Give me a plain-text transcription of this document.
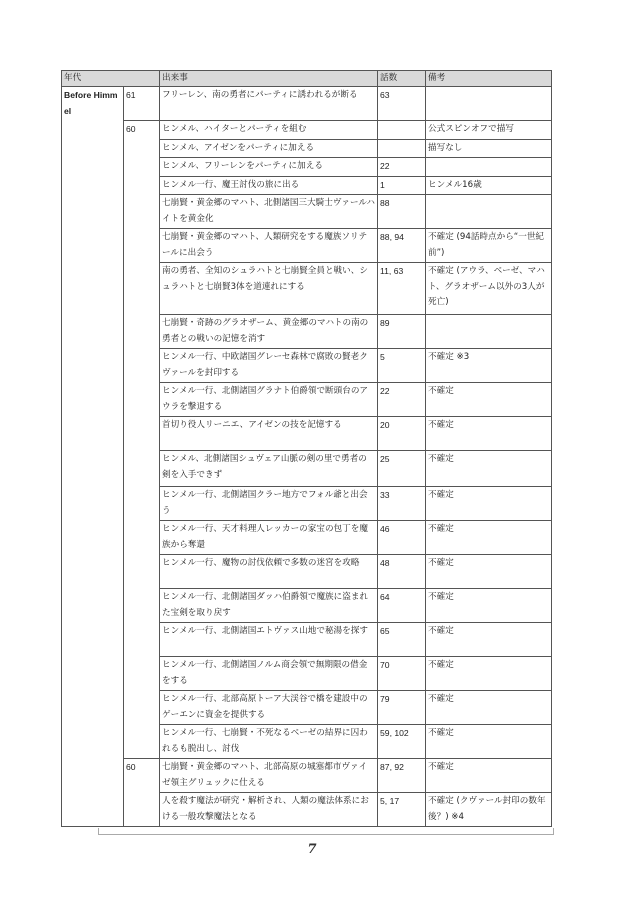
年代		出来事	話数	備考
Before Himmel	61	フリーレン、南の勇者にパーティに誘われるが断る	63	
	60	ヒンメル、ハイターとパーティを組む		公式スピンオフで描写
		ヒンメル、アイゼンをパーティに加える		描写なし
		ヒンメル、フリーレンをパーティに加える	22	
		ヒンメル一行、魔王討伐の旅に出る	1	ヒンメル16歳
		七崩賢・黄金郷のマハト、北側諸国三大騎士ヴァールハイトを黄金化	88	
		七崩賢・黄金郷のマハト、人類研究をする魔族ソリテールに出会う	88, 94	不確定 (94話時点から“一世紀前”)
		南の勇者、全知のシュラハトと七崩賢全員と戦い、シュラハトと七崩賢3体を道連れにする	11, 63	不確定 (アウラ、ベーゼ、マハト、グラオザーム以外の3人が死亡)
		七崩賢・奇跡のグラオザーム、黄金郷のマハトの南の勇者との戦いの記憶を消す	89	
		ヒンメル一行、中欧諸国グレーセ森林で腐敗の賢老クヴァールを封印する	5	不確定 ※3
		ヒンメル一行、北側諸国グラナト伯爵領で断頭台のアウラを撃退する	22	不確定
		首切り役人リーニエ、アイゼンの技を記憶する	20	不確定
		ヒンメル、北側諸国シュヴェア山脈の剣の里で勇者の剣を入手できず	25	不確定
		ヒンメル一行、北側諸国クラー地方でフォル爺と出会う	33	不確定
		ヒンメル一行、天才料理人レッカーの家宝の包丁を魔族から奪還	46	不確定
		ヒンメル一行、魔物の討伐依頼で多数の迷宮を攻略	48	不確定
		ヒンメル一行、北側諸国ダッハ伯爵領で魔族に盗まれた宝剣を取り戻す	64	不確定
		ヒンメル一行、北側諸国エトヴァス山地で秘湯を探す	65	不確定
		ヒンメル一行、北側諸国ノルム商会領で無期限の借金をする	70	不確定
		ヒンメル一行、北部高原トーア大渓谷で橋を建設中のゲーエンに資金を提供する	79	不確定
		ヒンメル一行、七崩賢・不死なるベーゼの結界に囚われるも脱出し、討伐	59, 102	不確定
	60	七崩賢・黄金郷のマハト、北部高原の城塞都市ヴァイゼ領主グリュックに仕える	87, 92	不確定
		人を殺す魔法が研究・解析され、人類の魔法体系における一般攻撃魔法となる	5, 17	不確定 (クヴァール封印の数年後？) ※4
7
